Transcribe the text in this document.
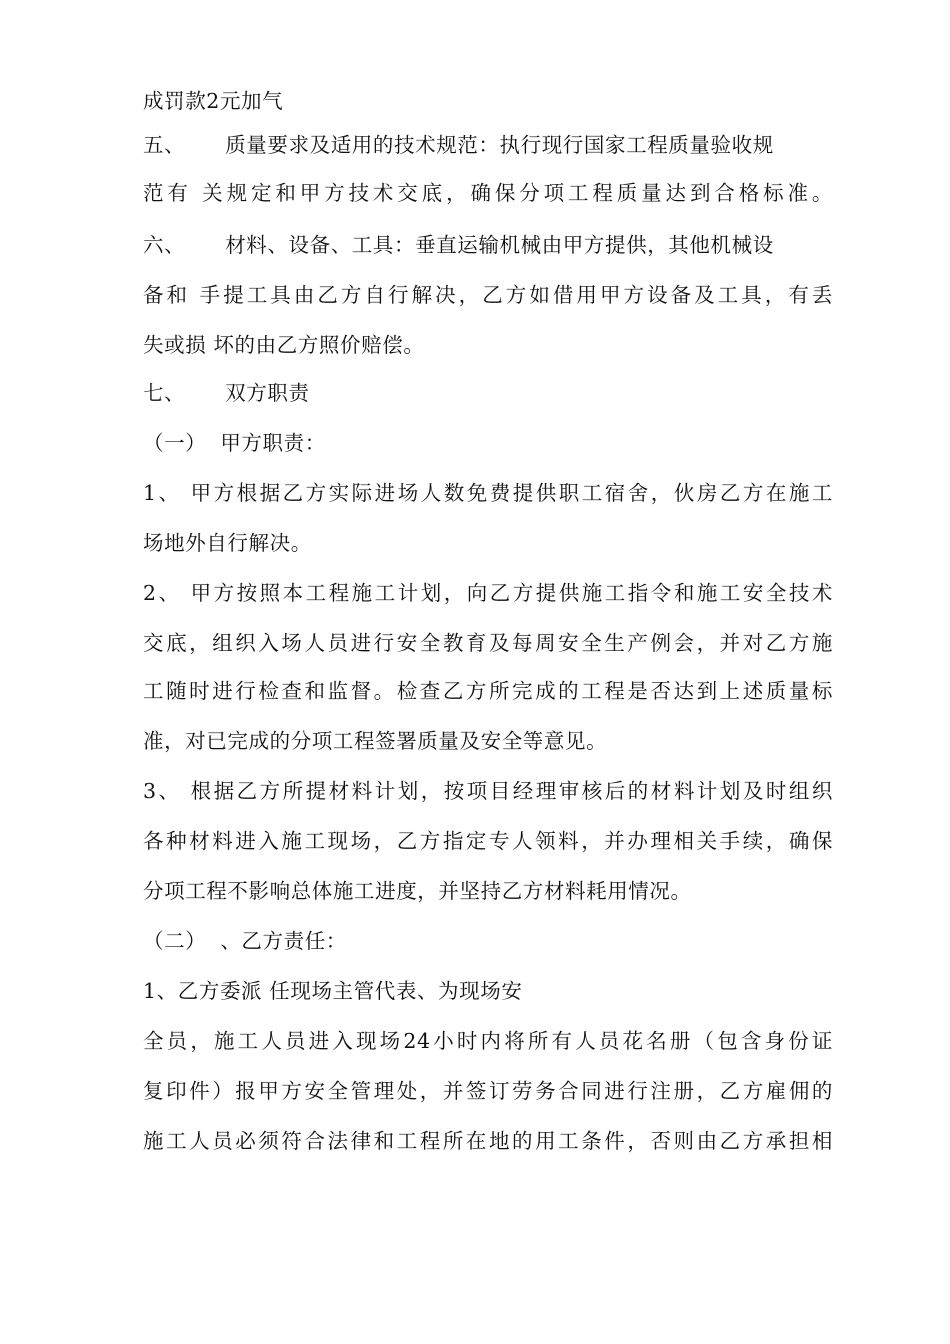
成罚款2元加气
五、 质量要求及适用的技术规范：执行现行国家工程质量验收规
范有 关规定和甲方技术交底，确保分项工程质量达到合格标准。
六、 材料、设备、工具：垂直运输机械由甲方提供，其他机械设
备和 手提工具由乙方自行解决，乙方如借用甲方设备及工具，有丢
失或损 坏的由乙方照价赔偿。
七、 双方职责
（一） 甲方职责：
1、 甲方根据乙方实际进场人数免费提供职工宿舍，伙房乙方在施工
场地外自行解决。
2、 甲方按照本工程施工计划，向乙方提供施工指令和施工安全技术
交底，组织入场人员进行安全教育及每周安全生产例会，并对乙方施
工随时进行检查和监督。检查乙方所完成的工程是否达到上述质量标
准，对已完成的分项工程签署质量及安全等意见。
3、 根据乙方所提材料计划，按项目经理审核后的材料计划及时组织
各种材料进入施工现场，乙方指定专人领料，并办理相关手续，确保
分项工程不影响总体施工进度，并坚持乙方材料耗用情况。
（二） 、乙方责任：
1、乙方委派 任现场主管代表、为现场安
全员，施工人员进入现场24小时内将所有人员花名册（包含身份证
复印件）报甲方安全管理处，并签订劳务合同进行注册，乙方雇佣的
施工人员必须符合法律和工程所在地的用工条件，否则由乙方承担相
